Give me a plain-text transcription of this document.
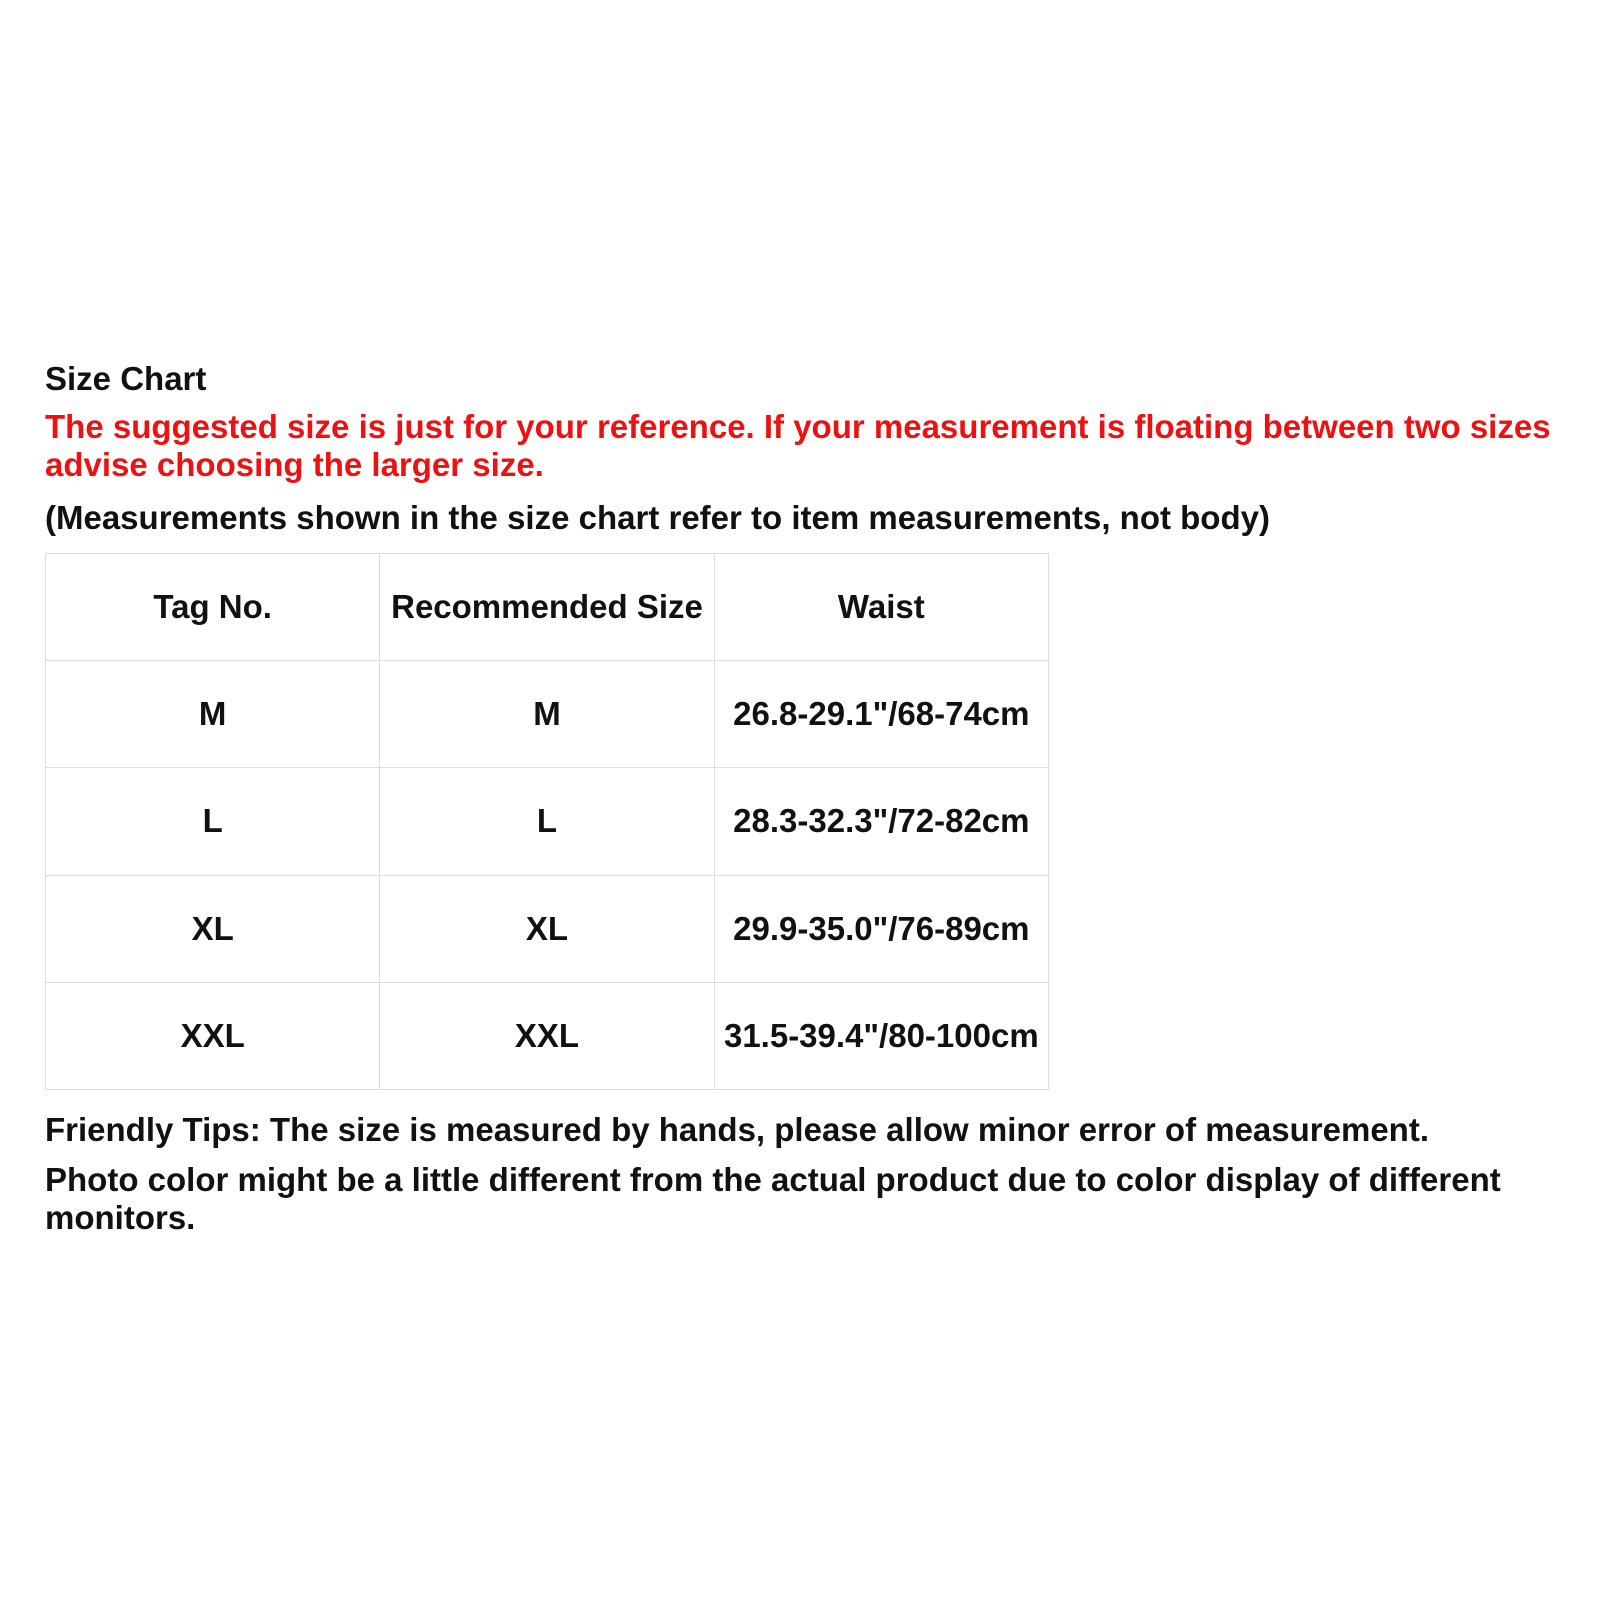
Size Chart
The suggested size is just for your reference. If your measurement is floating between two sizes
advise choosing the larger size.
(Measurements shown in the size chart refer to item measurements, not body)
Tag No.	Recommended Size	Waist
M	M	26.8-29.1"/68-74cm
L	L	28.3-32.3"/72-82cm
XL	XL	29.9-35.0"/76-89cm
XXL	XXL	31.5-39.4"/80-100cm
Friendly Tips: The size is measured by hands, please allow minor error of measurement.
Photo color might be a little different from the actual product due to color display of different monitors.
